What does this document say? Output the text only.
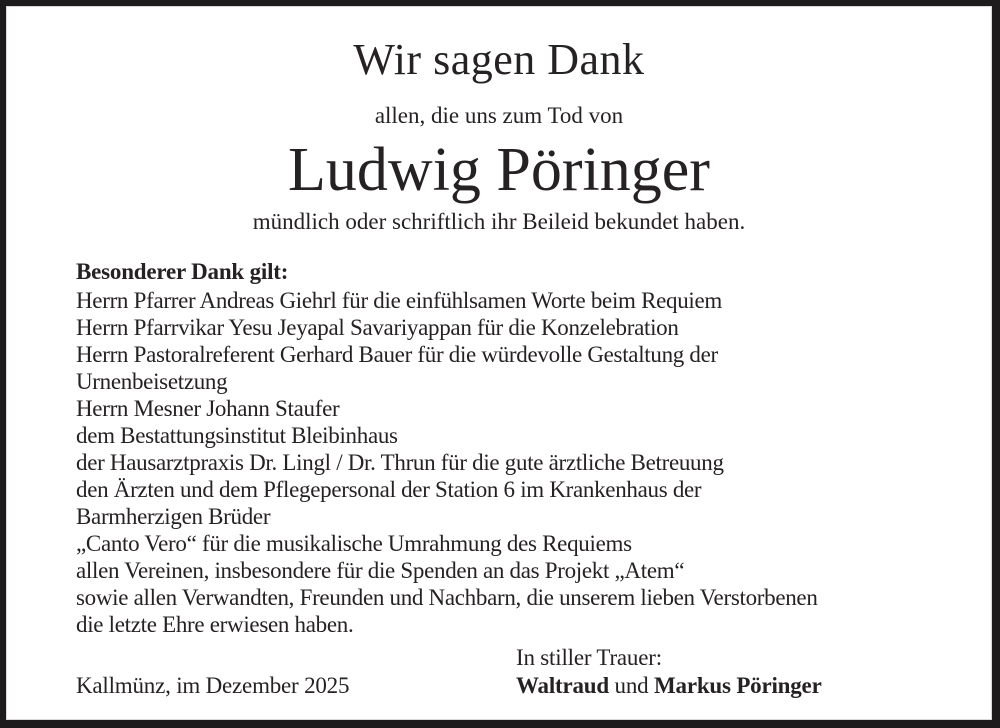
Wir sagen Dank
allen, die uns zum Tod von
Ludwig Pöringer
mündlich oder schriftlich ihr Beileid bekundet haben.
Besonderer Dank gilt:
Herrn Pfarrer Andreas Giehrl für die einfühlsamen Worte beim Requiem
Herrn Pfarrvikar Yesu Jeyapal Savariyappan für die Konzelebration
Herrn Pastoralreferent Gerhard Bauer für die würdevolle Gestaltung der
Urnenbeisetzung
Herrn Mesner Johann Staufer
dem Bestattungsinstitut Bleibinhaus
der Hausarztpraxis Dr. Lingl / Dr. Thrun für die gute ärztliche Betreuung
den Ärzten und dem Pflegepersonal der Station 6 im Krankenhaus der
Barmherzigen Brüder
„Canto Vero“ für die musikalische Umrahmung des Requiems
allen Vereinen, insbesondere für die Spenden an das Projekt „Atem“
sowie allen Verwandten, Freunden und Nachbarn, die unserem lieben Verstorbenen
die letzte Ehre erwiesen haben.
Kallmünz, im Dezember 2025
In stiller Trauer:
Waltraud und Markus Pöringer
